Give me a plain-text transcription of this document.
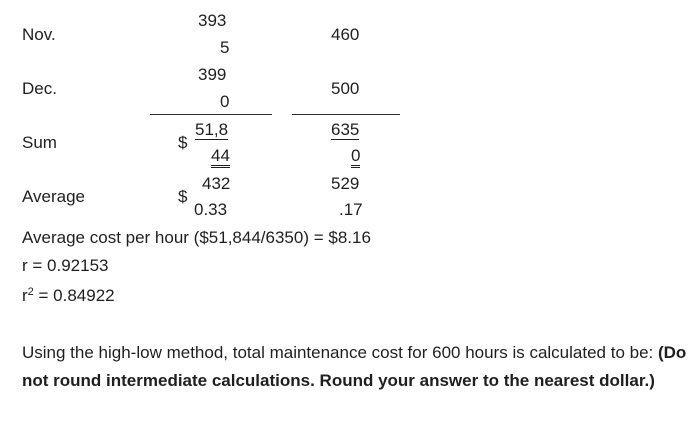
Nov.
393
5
460
Dec.
399
0
500
Sum	$
51,8
44
635
0
Average	$
432
0.33
529
.17
Average cost per hour ($51,844/6350) = $8.16
r = 0.92153
$r^2 = 0.84922$
Using the high-low method, total maintenance cost for 600 hours is calculated to be: (Do not round intermediate calculations. Round your answer to the nearest dollar.)
